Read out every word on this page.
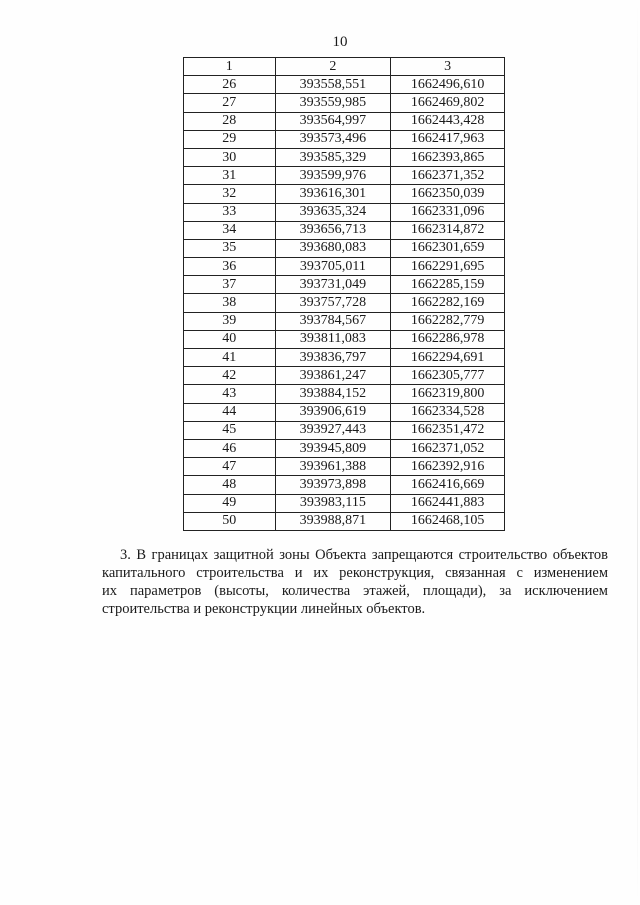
10
1	2	3
26	393558,551	1662496,610
27	393559,985	1662469,802
28	393564,997	1662443,428
29	393573,496	1662417,963
30	393585,329	1662393,865
31	393599,976	1662371,352
32	393616,301	1662350,039
33	393635,324	1662331,096
34	393656,713	1662314,872
35	393680,083	1662301,659
36	393705,011	1662291,695
37	393731,049	1662285,159
38	393757,728	1662282,169
39	393784,567	1662282,779
40	393811,083	1662286,978
41	393836,797	1662294,691
42	393861,247	1662305,777
43	393884,152	1662319,800
44	393906,619	1662334,528
45	393927,443	1662351,472
46	393945,809	1662371,052
47	393961,388	1662392,916
48	393973,898	1662416,669
49	393983,115	1662441,883
50	393988,871	1662468,105
3. В границах защитной зоны Объекта запрещаются строительство объектов
капитального строительства и их реконструкция, связанная с изменением
их параметров (высоты, количества этажей, площади), за исключением
строительства и реконструкции линейных объектов.
